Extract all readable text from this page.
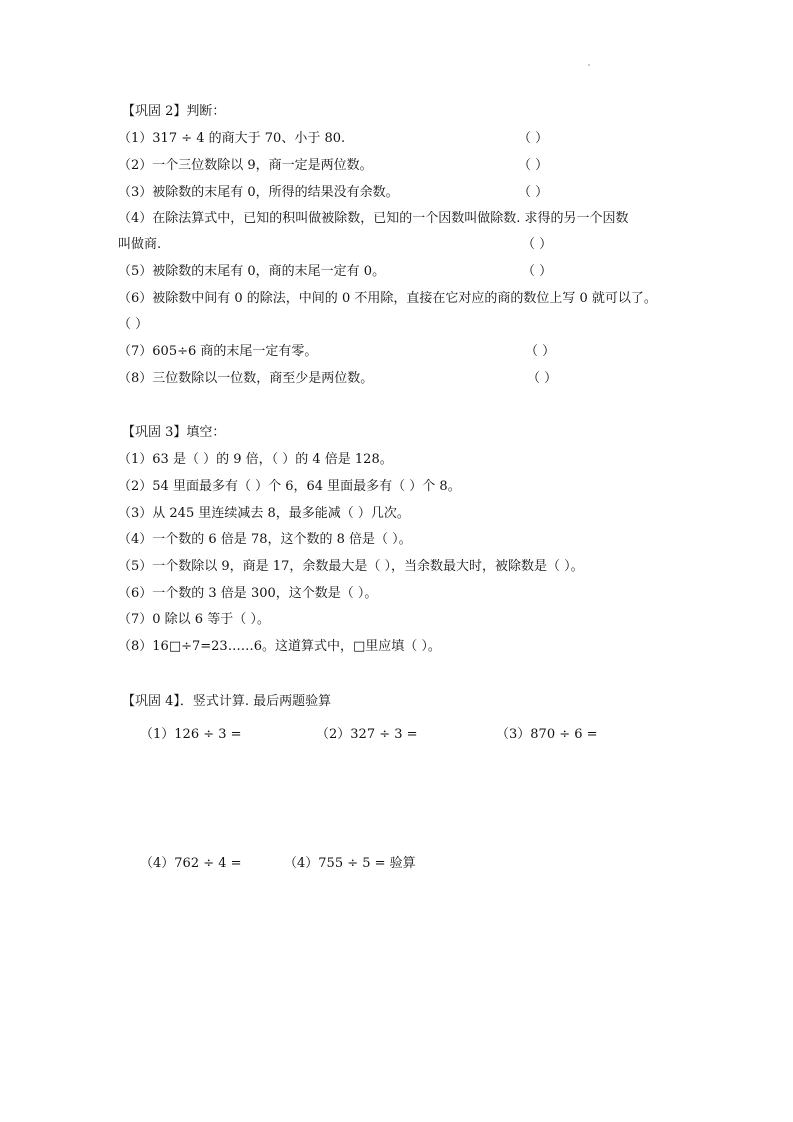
【巩固 2】判断：
（1）317 ÷ 4 的商大于 70、小于 80.	（ ）
（2）一个三位数除以 9，商一定是两位数。	（ ）
（3）被除数的末尾有 0，所得的结果没有余数。	（ ）
（4）在除法算式中，已知的积叫做被除数，已知的一个因数叫做除数. 求得的另一个因数
叫做商.	（ ）
（5）被除数的末尾有 0，商的末尾一定有 0。	（ ）
（6）被除数中间有 0 的除法，中间的 0 不用除，直接在它对应的商的数位上写 0 就可以了。
（ ）
（7）605÷6 商的末尾一定有零。	（ ）
（8）三位数除以一位数，商至少是两位数。	（ ）
【巩固 3】填空：
（1）63 是（ ）的 9 倍，（ ）的 4 倍是 128。
（2）54 里面最多有（ ）个 6，64 里面最多有（ ）个 8。
（3）从 245 里连续减去 8，最多能减（ ）几次。
（4）一个数的 6 倍是 78，这个数的 8 倍是（ ）。
（5）一个数除以 9，商是 17，余数最大是（ ），当余数最大时，被除数是（ ）。
（6）一个数的 3 倍是 300，这个数是（ ）。
（7）0 除以 6 等于（ ）。
（8）16□÷7=23……6。这道算式中，□里应填（ ）。
【巩固 4】．竖式计算. 最后两题验算
（1）126 ÷ 3 =	（2）327 ÷ 3 =	（3）870 ÷ 6 =
（4）762 ÷ 4 =	（4）755 ÷ 5 = 验算
